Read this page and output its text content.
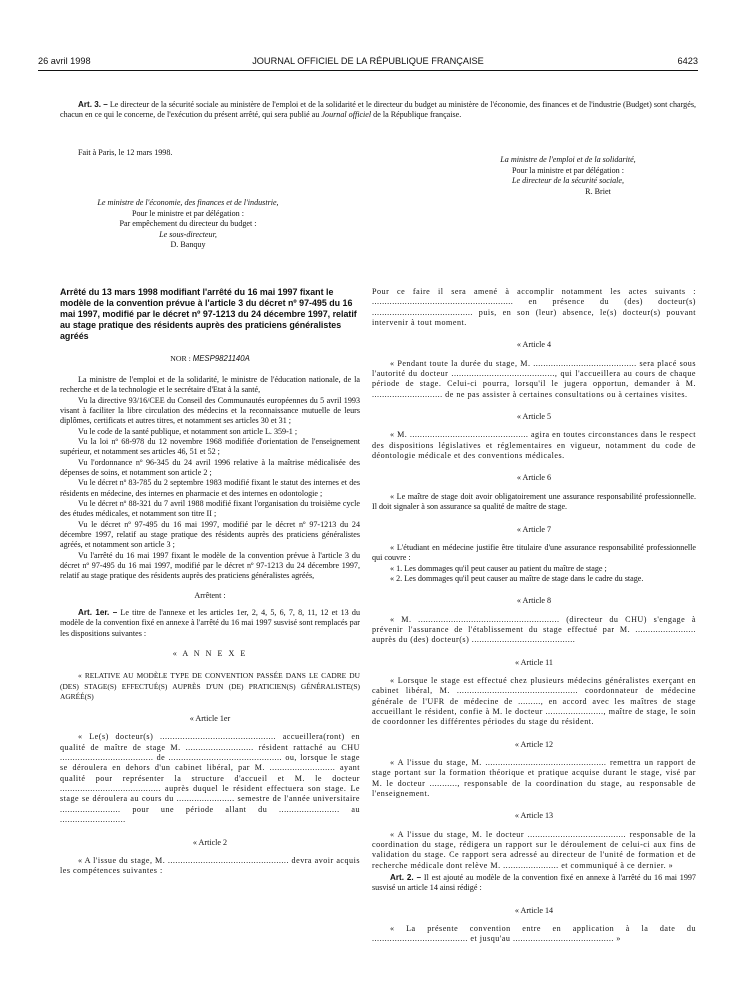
26 avril 1998	JOURNAL OFFICIEL DE LA RÉPUBLIQUE FRANÇAISE	6423

Art. 3. – Le directeur de la sécurité sociale au ministère de l'emploi et de la solidarité et le directeur du budget au ministère de l'économie, des finances et de l'industrie (Budget) sont chargés, chacun en ce qui le concerne, de l'exécution du présent arrêté, qui sera publié au Journal officiel de la République française.

Fait à Paris, le 12 mars 1998.

La ministre de l'emploi et de la solidarité,

Pour la ministre et par délégation :

Le directeur de la sécurité sociale,

R. Briet

Le ministre de l'économie, des finances et de l'industrie,

Pour le ministre et par délégation :

Par empêchement du directeur du budget :

Le sous-directeur,

D. Banquy

Arrêté du 13 mars 1998 modifiant l'arrêté du 16 mai 1997 fixant le modèle de la convention prévue à l'article 3 du décret nº 97-495 du 16 mai 1997, modifié par le décret nº 97-1213 du 24 décembre 1997, relatif au stage pratique des résidents auprès des praticiens généralistes agréés

NOR : MESP9821140A

La ministre de l'emploi et de la solidarité, le ministre de l'éducation nationale, de la recherche et de la technologie et le secrétaire d'Etat à la santé,

Vu la directive 93/16/CEE du Conseil des Communautés européennes du 5 avril 1993 visant à faciliter la libre circulation des médecins et la reconnaissance mutuelle de leurs diplômes, certificats et autres titres, et notamment ses articles 30 et 31 ;

Vu le code de la santé publique, et notamment son article L. 359-1 ;

Vu la loi nº 68-978 du 12 novembre 1968 modifiée d'orientation de l'enseignement supérieur, et notamment ses articles 46, 51 et 52 ;

Vu l'ordonnance nº 96-345 du 24 avril 1996 relative à la maîtrise médicalisée des dépenses de soins, et notamment son article 2 ;

Vu le décret nº 83-785 du 2 septembre 1983 modifié fixant le statut des internes et des résidents en médecine, des internes en pharmacie et des internes en odontologie ;

Vu le décret nº 88-321 du 7 avril 1988 modifié fixant l'organisation du troisième cycle des études médicales, et notamment son titre II ;

Vu le décret nº 97-495 du 16 mai 1997, modifié par le décret nº 97-1213 du 24 décembre 1997, relatif au stage pratique des résidents auprès des praticiens généralistes agréés, et notamment son article 3 ;

Vu l'arrêté du 16 mai 1997 fixant le modèle de la convention prévue à l'article 3 du décret nº 97-495 du 16 mai 1997, modifié par le décret nº 97-1213 du 24 décembre 1997, relatif au stage pratique des résidents auprès des praticiens généralistes agréés,

Arrêtent :

Art. 1er. – Le titre de l'annexe et les articles 1er, 2, 4, 5, 6, 7, 8, 11, 12 et 13 du modèle de la convention fixé en annexe à l'arrêté du 16 mai 1997 susvisé sont remplacés par les dispositions suivantes :

« A N N E X E

« RELATIVE AU MODÈLE TYPE DE CONVENTION PASSÉE DANS LE CADRE DU (DES) STAGE(S) EFFECTUÉ(S) AUPRÈS D'UN (DE) PRATICIEN(S) GÉNÉRALISTE(S) AGRÉÉ(S)

« Article 1er

« Le(s) docteur(s) .............................................. accueillera(ront) en qualité de maître de stage M. ........................... résident rattaché au CHU ..................................... de ............................................. ou, lorsque le stage se déroulera en dehors d'un cabinet libéral, par M. .......................... ayant qualité pour représenter la structure d'accueil et M. le docteur ........................................ auprès duquel le résident effectuera son stage. Le stage se déroulera au cours du ....................... semestre de l'année universitaire ........................ pour une période allant du ........................ au ..........................

« Article 2

« A l'issue du stage, M. ................................................ devra avoir acquis les compétences suivantes :

Pour ce faire il sera amené à accomplir notamment les actes suivants : ........................................................ en présence du (des) docteur(s) ........................................ puis, en son (leur) absence, le(s) docteur(s) pouvant intervenir à tout moment.

« Article 4

« Pendant toute la durée du stage, M. ......................................... sera placé sous l'autorité du docteur ........................................., qui l'accueillera au cours de chaque période de stage. Celui-ci pourra, lorsqu'il le jugera opportun, demander à M. ............................ de ne pas assister à certaines consultations ou à certaines visites.

« Article 5

« M. ............................................... agira en toutes circonstances dans le respect des dispositions législatives et réglementaires en vigueur, notamment du code de déontologie médicale et des conventions médicales.

« Article 6

« Le maître de stage doit avoir obligatoirement une assurance responsabilité professionnelle. Il doit signaler à son assurance sa qualité de maître de stage.

« Article 7

« L'étudiant en médecine justifie être titulaire d'une assurance responsabilité professionnelle qui couvre :

« 1. Les dommages qu'il peut causer au patient du maître de stage ;

« 2. Les dommages qu'il peut causer au maître de stage dans le cadre du stage.

« Article 8

« M. ........................................................ (directeur du CHU) s'engage à prévenir l'assurance de l'établissement du stage effectué par M. ........................ auprès du (des) docteur(s) .........................................

« Article 11

« Lorsque le stage est effectué chez plusieurs médecins généralistes exerçant en cabinet libéral, M. ................................................ coordonnateur de médecine générale de l'UFR de médecine de ........., en accord avec les maîtres de stage accueillant le résident, confie à M. le docteur ......................., maître de stage, le soin de coordonner les différentes périodes du stage du résident.

« Article 12

« A l'issue du stage, M. ................................................ remettra un rapport de stage portant sur la formation théorique et pratique acquise durant le stage, visé par M. le docteur ..........., responsable de la coordination du stage, au responsable de l'enseignement.

« Article 13

« A l'issue du stage, M. le docteur ....................................... responsable de la coordination du stage, rédigera un rapport sur le déroulement de celui-ci aux fins de validation du stage. Ce rapport sera adressé au directeur de l'unité de formation et de recherche médicale dont relève M. ...................... et communiqué à ce dernier. »

Art. 2. – Il est ajouté au modèle de la convention fixé en annexe à l'arrêté du 16 mai 1997 susvisé un article 14 ainsi rédigé :

« Article 14

« La présente convention entre en application à la date du ...................................... et jusqu'au ........................................ »
